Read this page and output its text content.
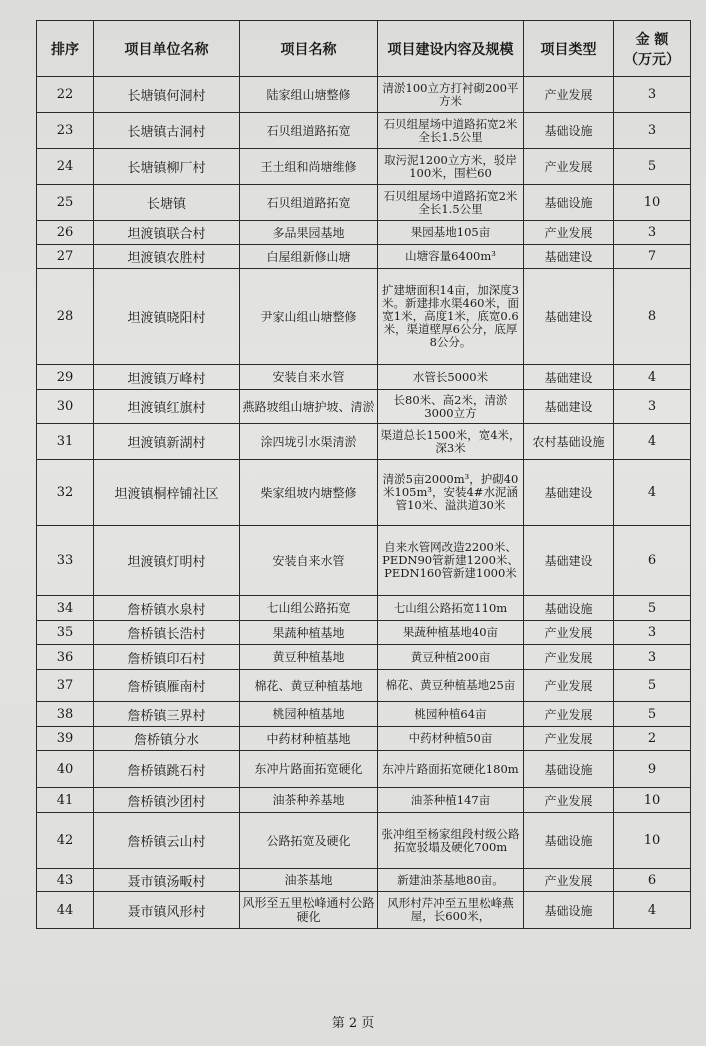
排序	项目单位名称	项目名称	项目建设内容及规模	项目类型	金 额
（万元）

22	长塘镇何洞村	陆家组山塘整修	清淤100立方打衬砌200平方米	产业发展	3
23	长塘镇古洞村	石贝组道路拓宽	石贝组屋场中道路拓宽2米全长1.5公里	基础设施	3
24	长塘镇柳厂村	王土组和尚塘维修	取污泥1200立方米，驳岸100米，围栏60	产业发展	5
25	长塘镇	石贝组道路拓宽	石贝组屋场中道路拓宽2米全长1.5公里	基础设施	10
26	坦渡镇联合村	多品果园基地	果园基地105亩	产业发展	3
27	坦渡镇农胜村	白屋组新修山塘	山塘容量6400m³	基础建设	7
28	坦渡镇晓阳村	尹家山组山塘整修	扩建塘面积14亩，加深度3米。新建排水渠460米，面宽1米，高度1米，底宽0.6米，渠道壁厚6公分，底厚8公分。	基础建设	8
29	坦渡镇万峰村	安装自来水管	水管长5000米	基础建设	4
30	坦渡镇红旗村	燕路坡组山塘护坡、清淤	长80米、高2米，清淤3000立方	基础建设	3
31	坦渡镇新湖村	涂四垅引水渠清淤	渠道总长1500米，宽4米，深3米	农村基础设施	4
32	坦渡镇桐梓铺社区	柴家组坡内塘整修	清淤5亩2000m³，护砌40米105m³，安装4#水泥涵管10米、溢洪道30米	基础建设	4
33	坦渡镇灯明村	安装自来水管	自来水管网改造2200米、PEDN90管新建1200米、PEDN160管新建1000米	基础建设	6
34	詹桥镇水泉村	七山组公路拓宽	七山组公路拓宽110m	基础设施	5
35	詹桥镇长浩村	果蔬种植基地	果蔬种植基地40亩	产业发展	3
36	詹桥镇印石村	黄豆种植基地	黄豆种植200亩	产业发展	3
37	詹桥镇雁南村	棉花、黄豆种植基地	棉花、黄豆种植基地25亩	产业发展	5
38	詹桥镇三界村	桃园种植基地	桃园种植64亩	产业发展	5
39	詹桥镇分水	中药材种植基地	中药材种植50亩	产业发展	2
40	詹桥镇跳石村	东冲片路面拓宽硬化	东冲片路面拓宽硬化180m	基础设施	9
41	詹桥镇沙团村	油茶种养基地	油茶种植147亩	产业发展	10
42	詹桥镇云山村	公路拓宽及硬化	张冲组至杨家组段村级公路拓宽驳塌及硬化700m	基础设施	10
43	聂市镇汤畈村	油茶基地	新建油茶基地80亩。	产业发展	6
44	聂市镇风形村	风形至五里松峰通村公路硬化	风形村芹冲至五里松峰燕屋，长600米，	基础设施	4
第 2 页
